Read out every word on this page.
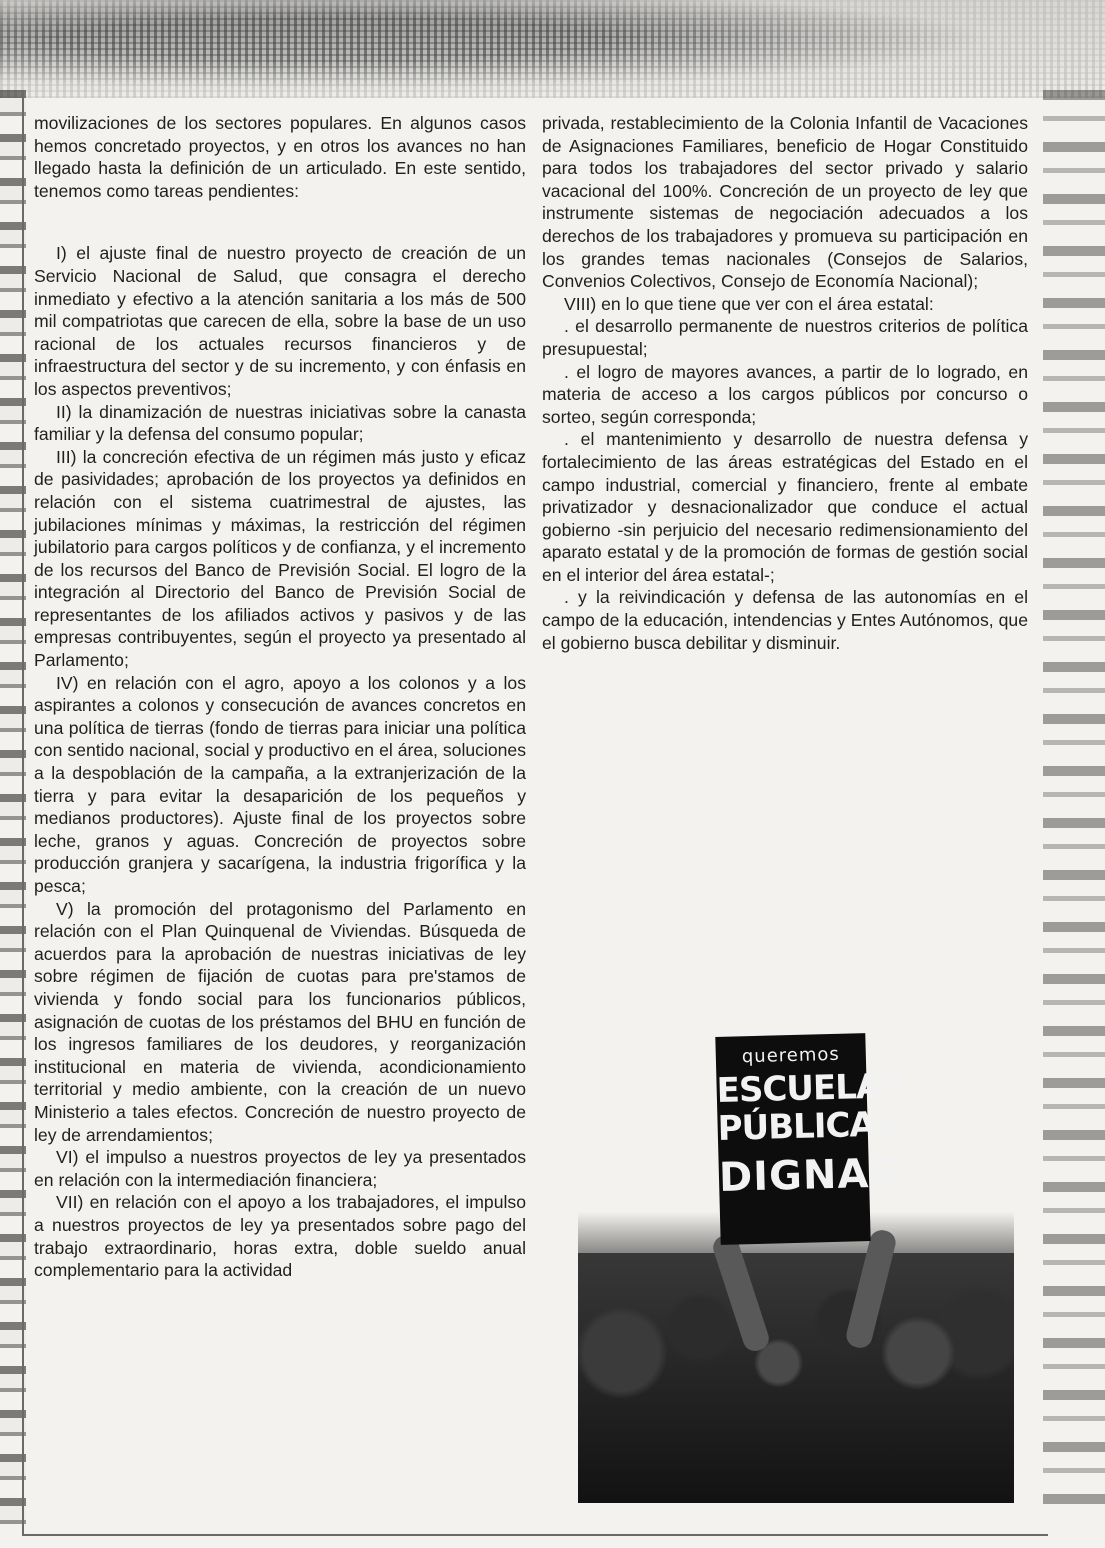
movilizaciones de los sectores populares. En algunos casos hemos concretado proyectos, y en otros los avances no han llegado hasta la definición de un articulado. En este sentido, tenemos como tareas pendientes:

I) el ajuste final de nuestro proyecto de creación de un Servicio Nacional de Salud, que consagra el derecho inmediato y efectivo a la atención sanitaria a los más de 500 mil compatriotas que carecen de ella, sobre la base de un uso racional de los actuales recursos financieros y de infraestructura del sector y de su incremento, y con énfasis en los aspectos preventivos;

II) la dinamización de nuestras iniciativas sobre la canasta familiar y la defensa del consumo popular;

III) la concreción efectiva de un régimen más justo y eficaz de pasividades; aprobación de los proyectos ya definidos en relación con el sistema cuatrimestral de ajustes, las jubilaciones mínimas y máximas, la restricción del régimen jubilatorio para cargos políticos y de confianza, y el incremento de los recursos del Banco de Previsión Social. El logro de la integración al Directorio del Banco de Previsión Social de representantes de los afiliados activos y pasivos y de las empresas contribuyentes, según el proyecto ya presentado al Parlamento;

IV) en relación con el agro, apoyo a los colonos y a los aspirantes a colonos y consecución de avances concretos en una política de tierras (fondo de tierras para iniciar una política con sentido nacional, social y productivo en el área, soluciones a la despoblación de la campaña, a la extranjerización de la tierra y para evitar la desaparición de los pequeños y medianos productores). Ajuste final de los proyectos sobre leche, granos y aguas. Concreción de proyectos sobre producción granjera y sacarígena, la industria frigorífica y la pesca;

V) la promoción del protagonismo del Parlamento en relación con el Plan Quinquenal de Viviendas. Búsqueda de acuerdos para la aprobación de nuestras iniciativas de ley sobre régimen de fijación de cuotas para pre'stamos de vivienda y fondo social para los funcionarios públicos, asignación de cuotas de los préstamos del BHU en función de los ingresos familiares de los deudores, y reorganización institucional en materia de vivienda, acondicionamiento territorial y medio ambiente, con la creación de un nuevo Ministerio a tales efectos. Concreción de nuestro proyecto de ley de arrendamientos;

VI) el impulso a nuestros proyectos de ley ya presentados en relación con la intermediación financiera;

VII) en relación con el apoyo a los trabajadores, el impulso a nuestros proyectos de ley ya presentados sobre pago del trabajo extraordinario, horas extra, doble sueldo anual complementario para la actividad

privada, restablecimiento de la Colonia Infantil de Vacaciones de Asignaciones Familiares, beneficio de Hogar Constituido para todos los trabajadores del sector privado y salario vacacional del 100%. Concreción de un proyecto de ley que instrumente sistemas de negociación adecuados a los derechos de los trabajadores y promueva su participación en los grandes temas nacionales (Consejos de Salarios, Convenios Colectivos, Consejo de Economía Nacional);

VIII) en lo que tiene que ver con el área estatal:

. el desarrollo permanente de nuestros criterios de política presupuestal;

. el logro de mayores avances, a partir de lo logrado, en materia de acceso a los cargos públicos por concurso o sorteo, según corresponda;

. el mantenimiento y desarrollo de nuestra defensa y fortalecimiento de las áreas estratégicas del Estado en el campo industrial, comercial y financiero, frente al embate privatizador y desnacionalizador que conduce el actual gobierno -sin perjuicio del necesario redimensionamiento del aparato estatal y de la promoción de formas de gestión social en el interior del área estatal-;

. y la reivindicación y defensa de las autonomías en el campo de la educación, intendencias y Entes Autónomos, que el gobierno busca debilitar y disminuir.

queremos
ESCUELAS
PÚBLICAS
DIGNAS
